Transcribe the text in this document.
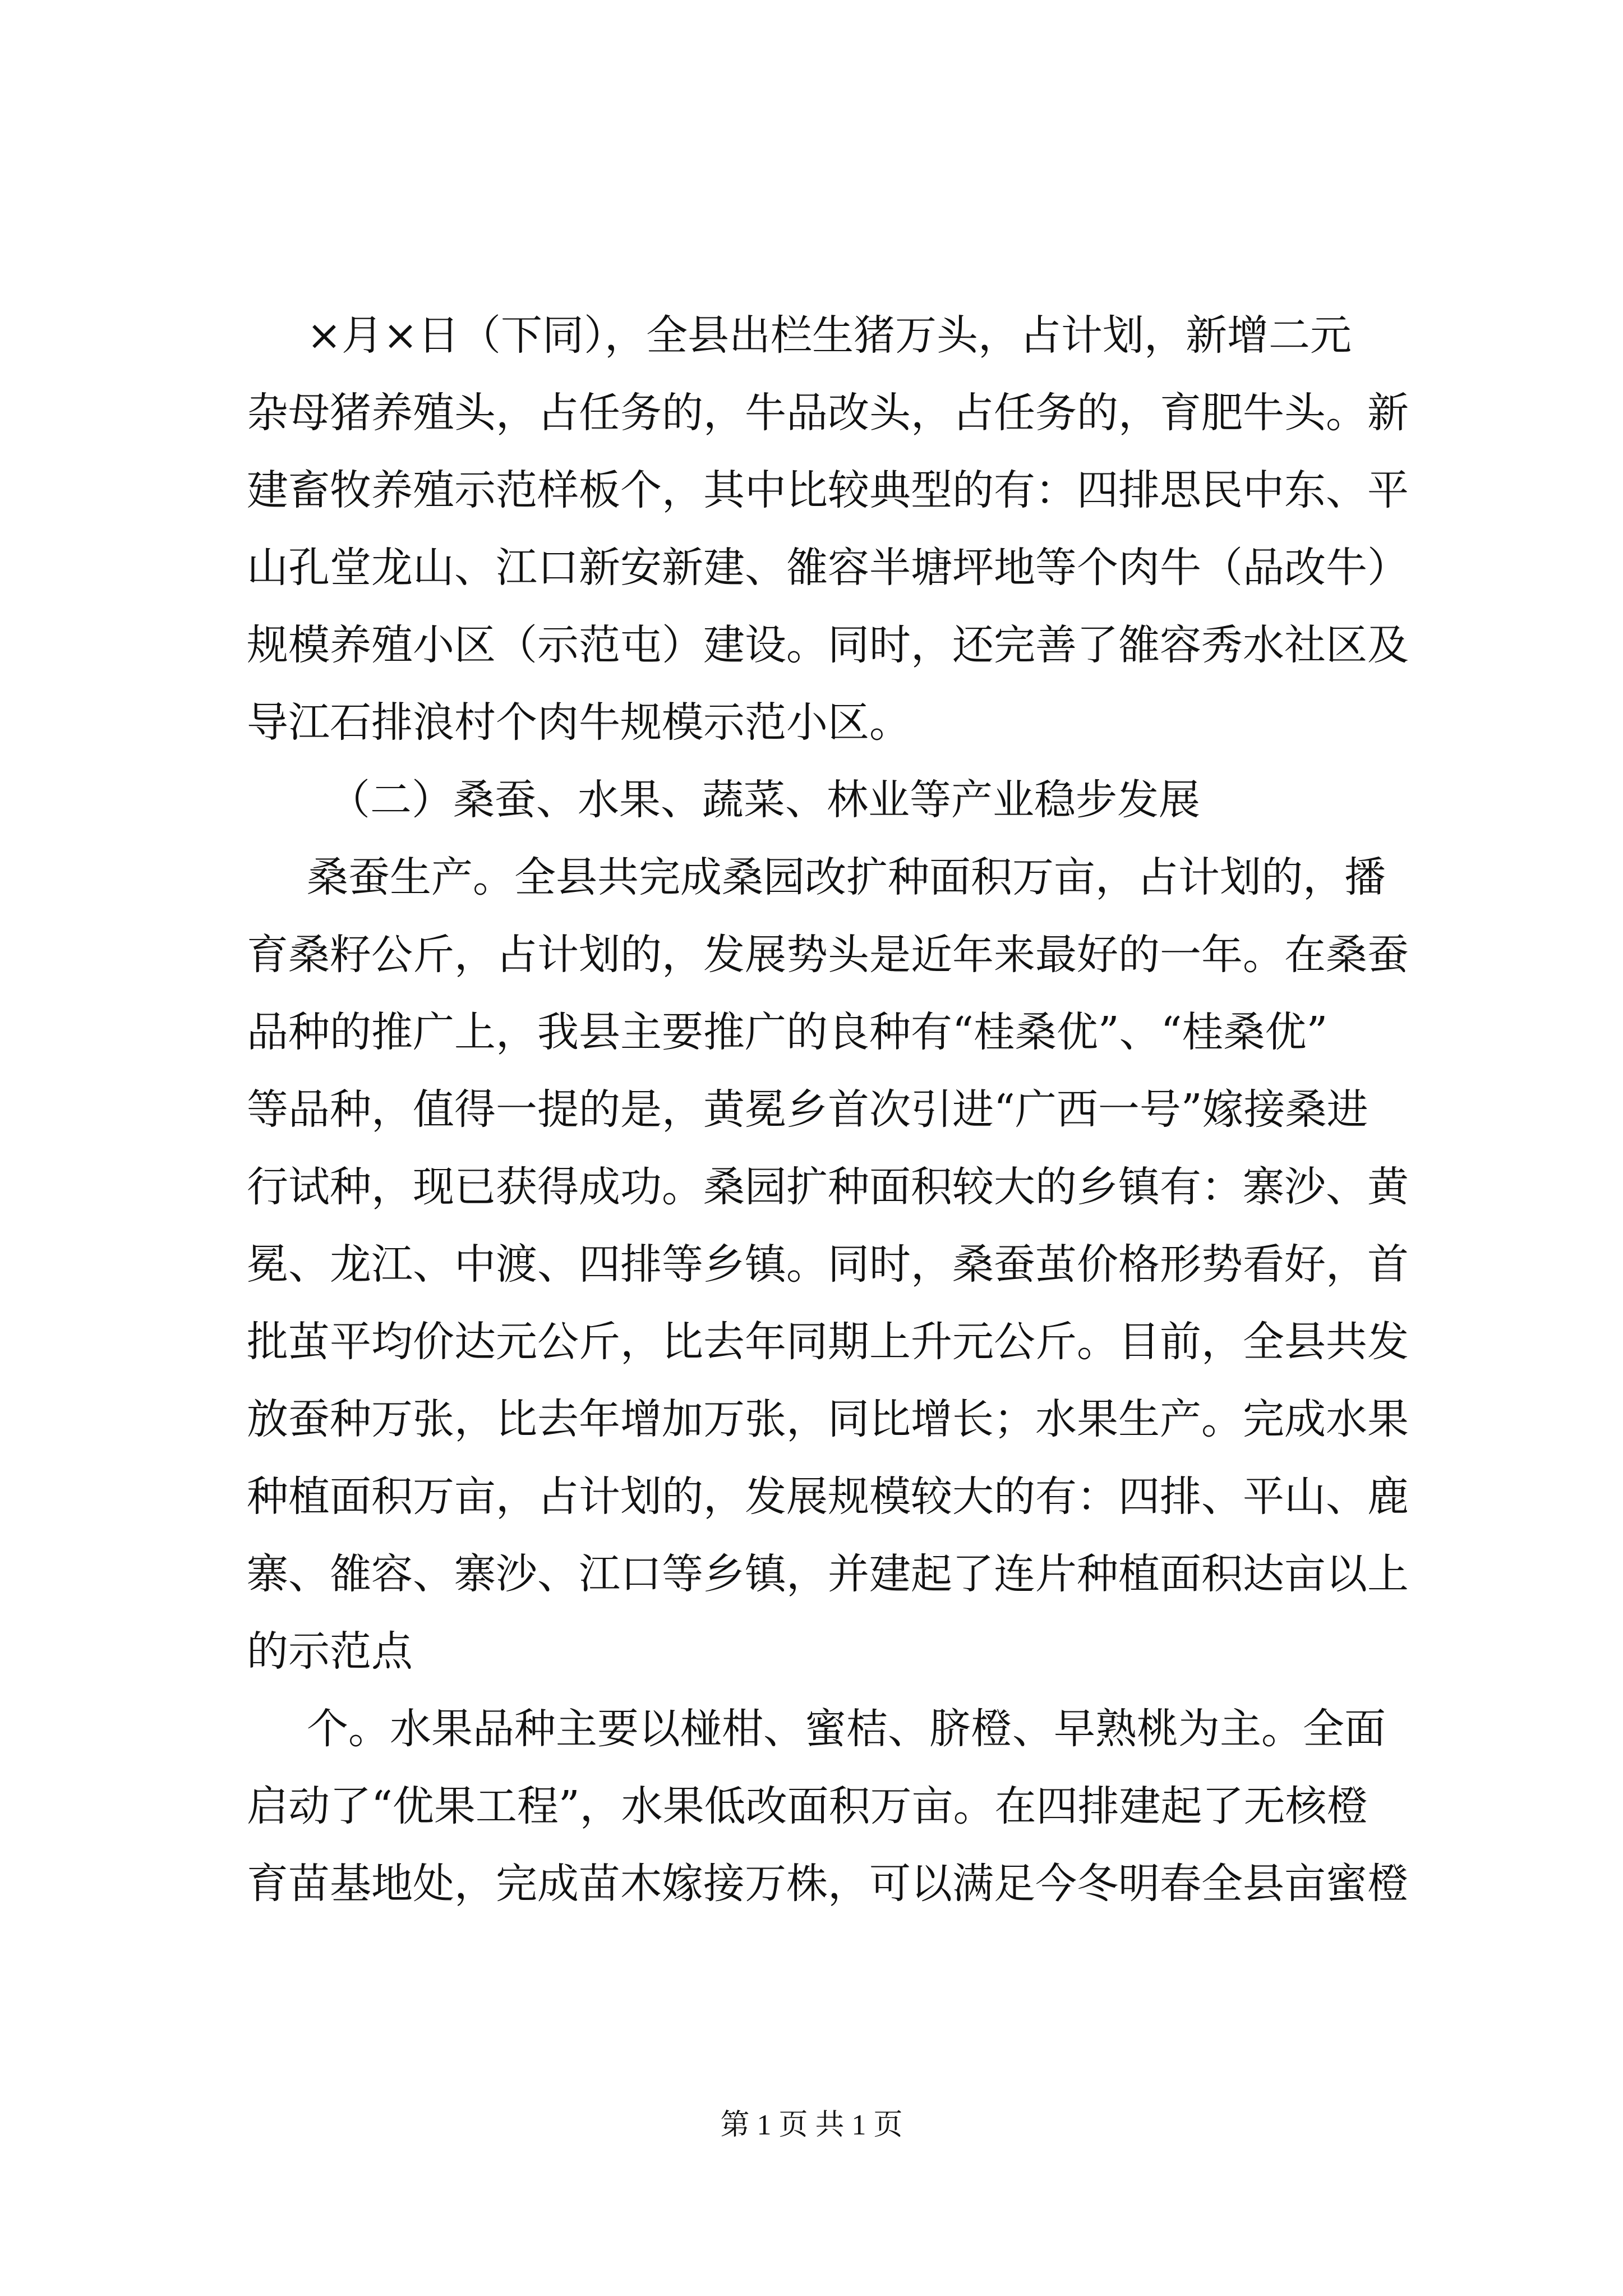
×月×日（下同），全县出栏生猪万头，占计划，新增二元

杂母猪养殖头，占任务的，牛品改头，占任务的，育肥牛头。新

建畜牧养殖示范样板个，其中比较典型的有：四排思民中东、平

山孔堂龙山、江口新安新建、雒容半塘坪地等个肉牛（品改牛）

规模养殖小区（示范屯）建设。同时，还完善了雒容秀水社区及

导江石排浪村个肉牛规模示范小区。

（二）桑蚕、水果、蔬菜、林业等产业稳步发展

桑蚕生产。全县共完成桑园改扩种面积万亩，占计划的，播

育桑籽公斤，占计划的，发展势头是近年来最好的一年。在桑蚕

品种的推广上，我县主要推广的良种有“桂桑优”、“桂桑优”

等品种，值得一提的是，黄冕乡首次引进“广西一号”嫁接桑进

行试种，现已获得成功。桑园扩种面积较大的乡镇有：寨沙、黄

冕、龙江、中渡、四排等乡镇。同时，桑蚕茧价格形势看好，首

批茧平均价达元公斤，比去年同期上升元公斤。目前，全县共发

放蚕种万张，比去年增加万张，同比增长；水果生产。完成水果

种植面积万亩，占计划的，发展规模较大的有：四排、平山、鹿

寨、雒容、寨沙、江口等乡镇，并建起了连片种植面积达亩以上

的示范点

个。水果品种主要以椪柑、蜜桔、脐橙、早熟桃为主。全面

启动了“优果工程”，水果低改面积万亩。在四排建起了无核橙

育苗基地处，完成苗木嫁接万株，可以满足今冬明春全县亩蜜橙

第 1 页 共 1 页
